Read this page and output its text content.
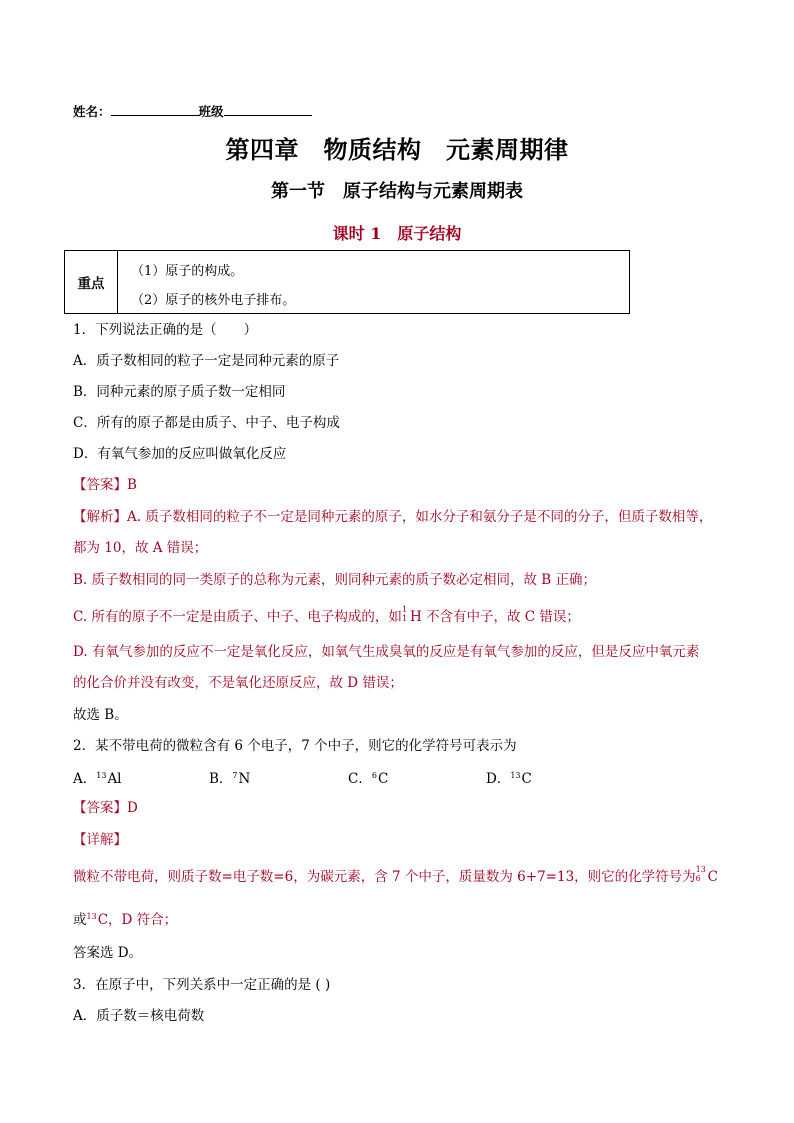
姓名：	班级
第四章　物质结构　元素周期律
第一节　原子结构与元素周期表
课时 1　原子结构
重点
（1）原子的构成。
（2）原子的核外电子排布。
1．下列说法正确的是（　　）
A．质子数相同的粒子一定是同种元素的原子
B．同种元素的原子质子数一定相同
C．所有的原子都是由质子、中子、电子构成
D．有氧气参加的反应叫做氧化反应
【答案】B
【解析】A. 质子数相同的粒子不一定是同种元素的原子，如水分子和氨分子是不同的分子，但质子数相等，
都为 10，故 A 错误；
B. 质子数相同的同一类原子的总称为元素，则同种元素的质子数必定相同，故 B 正确；
C. 所有的原子不一定是由质子、中子、电子构成的，如 1
1 H 不含有中子，故 C 错误；
D. 有氧气参加的反应不一定是氧化反应，如氧气生成臭氧的反应是有氧气参加的反应，但是反应中氧元素
的化合价并没有改变，不是氧化还原反应，故 D 错误；
故选 B。
2．某不带电荷的微粒含有 6 个电子，7 个中子，则它的化学符号可表示为
A．$^{13}$Al	B．$^7$N	C．$^6$C	D．$^{13}$C
【答案】D
【详解】
微粒不带电荷，则质子数=电子数=6，为碳元素，含 7 个中子，质量数为 6+7=13，则它的化学符号为 13
6 C
或$^{13}$C，D 符合；
答案选 D。
3．在原子中，下列关系中一定正确的是 ( )
A．质子数＝核电荷数
